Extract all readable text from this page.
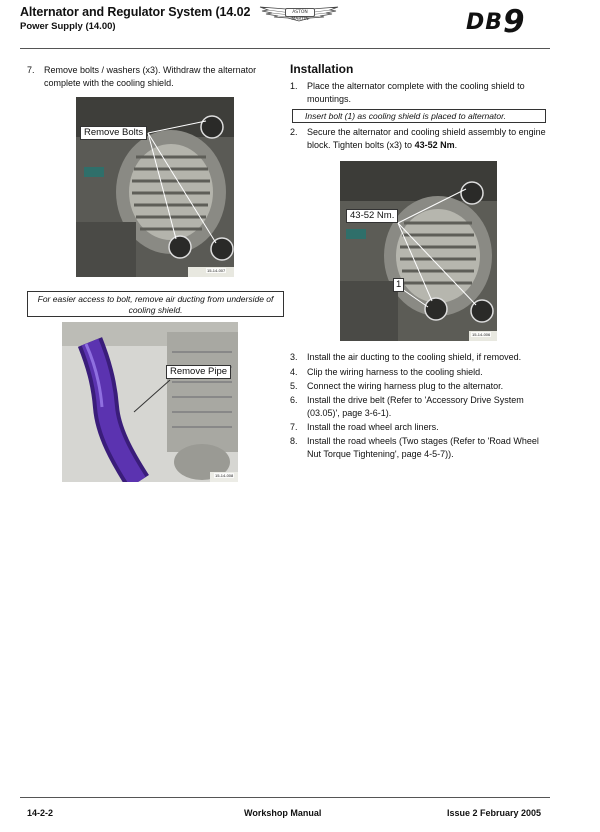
Alternator and Regulator System (14.02
Power Supply (14.00)
ASTON MARTIN	DB9
7. Remove bolts / washers (x3). Withdraw the alternator complete with the cooling shield.
Remove Bolts
15-14-007
For easier access to bolt, remove air ducting from underside of cooling shield.
Remove Pipe
15-14-008
Installation
1. Place the alternator complete with the cooling shield to mountings.
Insert bolt (1) as cooling shield is placed to alternator.
2. Secure the alternator and cooling shield assembly to engine block. Tighten bolts (x3) to 43-52 Nm.
43-52 Nm.
1
15-14-006
3. Install the air ducting to the cooling shield, if removed.
4. Clip the wiring harness to the cooling shield.
5. Connect the wiring harness plug to the alternator.
6. Install the drive belt (Refer to 'Accessory Drive System (03.05)', page 3-6-1).
7. Install the road wheel arch liners.
8. Install the road wheels (Two stages (Refer to 'Road Wheel Nut Torque Tightening', page 4-5-7)).
14-2-2	Workshop Manual	Issue 2 February 2005
